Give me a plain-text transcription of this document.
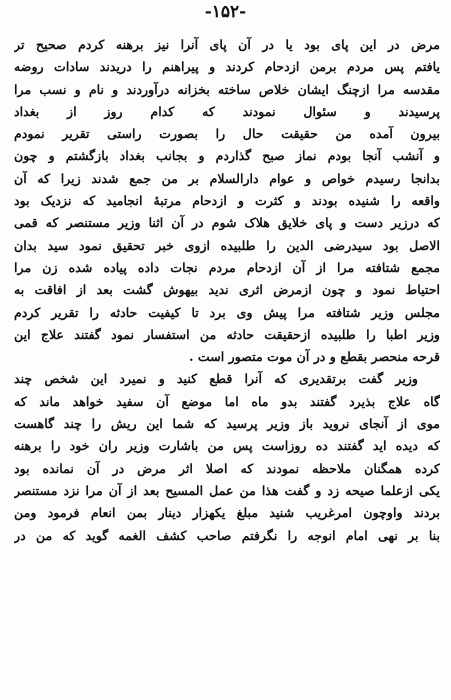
-۱۵۲-
مرض در این پای بود یا در آن پای آنرا نیز برهنه کردم صحیح تر
یافتم پس مردم برمن ازدحام کردند و پیراهنم را دریدند سادات روضه
مقدسه مرا ازچنگ ایشان خلاص ساخته بخزانه درآوردند و نام و نسب مرا
پرسیدند و سئوال نمودند که کدام روز از بغداد
بیرون آمده من حقیقت حال را بصورت راستی تقریر نمودم
و آنشب آنجا بودم نماز صبح گذاردم و بجانب بغداد بازگشتم و چون
بدانجا رسیدم خواص و عوام دارالسلام بر من جمع شدند زیرا که آن
واقعه را شنیده بودند و کثرت و ازدحام مرتبهٔ انجامید که نزدیک بود
که درزیر دست و پای خلایق هلاک شوم در آن اثنا وزیر مستنصر که قمی
الاصل بود سیدرضی الدین را طلبیده ازوی خبر تحقیق نمود سید بدان
مجمع شتافته مرا از آن ازدحام مردم نجات داده پیاده شده زن مرا
احتیاط نمود و چون ازمرض اثری ندید بیهوش گشت بعد از افاقت به
مجلس وزیر شتافته مرا پیش وی برد تا کیفیت حادثه را تقریر کردم
وزیر اطبا را طلبیده ازحقیقت حادثه من استفسار نمود گفتند علاج این
قرحه منحصر بقطع و در آن موت متصور است .
وزیر گفت برتقدیری که آنرا قطع کنید و نمیرد این شخص چند
گاه علاج بذیرد گفتند بدو ماه اما موضع آن سفید خواهد ماند که
موی از آنجای نروید باز وزیر پرسید که شما این ریش را چند گاهست
که دیده اید گفتند ده روزاست پس من باشارت وزیر ران خود را برهنه
کرده همگنان ملاحظه نمودند که اصلا اثر مرض در آن نمانده بود
یکی ازعلما صیحه زد و گفت هذا من عمل المسیح بعد از آن مرا نزد مستنصر
بردند واوچون امرغریب شنید مبلغ یکهزار دینار بمن انعام فرمود ومن
بنا بر نهی امام انوجه را نگرفتم صاحب کشف الغمه گوید که من در
